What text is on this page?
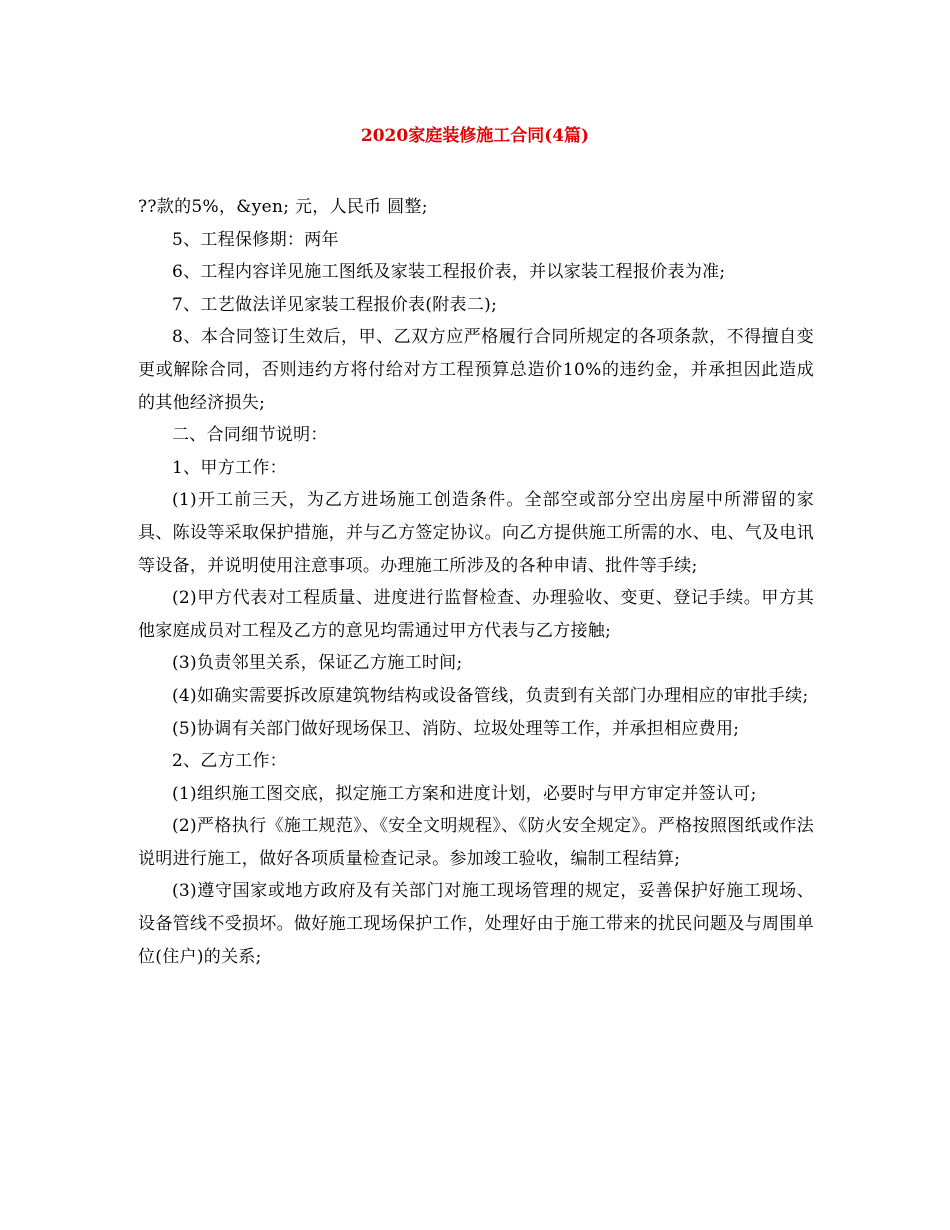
2020家庭装修施工合同(4篇)

??款的5%，&yen; 元，人民币 圆整;

5、工程保修期：两年

6、工程内容详见施工图纸及家装工程报价表，并以家装工程报价表为准;

7、工艺做法详见家装工程报价表(附表二);

8、本合同签订生效后，甲、乙双方应严格履行合同所规定的各项条款，不得擅自变更或解除合同，否则违约方将付给对方工程预算总造价10%的违约金，并承担因此造成的其他经济损失;

二、合同细节说明：

1、甲方工作：

(1)开工前三天，为乙方进场施工创造条件。全部空或部分空出房屋中所滞留的家具、陈设等采取保护措施，并与乙方签定协议。向乙方提供施工所需的水、电、气及电讯等设备，并说明使用注意事项。办理施工所涉及的各种申请、批件等手续;

(2)甲方代表对工程质量、进度进行监督检查、办理验收、变更、登记手续。甲方其他家庭成员对工程及乙方的意见均需通过甲方代表与乙方接触;

(3)负责邻里关系，保证乙方施工时间;

(4)如确实需要拆改原建筑物结构或设备管线，负责到有关部门办理相应的审批手续;

(5)协调有关部门做好现场保卫、消防、垃圾处理等工作，并承担相应费用;

2、乙方工作：

(1)组织施工图交底，拟定施工方案和进度计划，必要时与甲方审定并签认可;

(2)严格执行《施工规范》、《安全文明规程》、《防火安全规定》。严格按照图纸或作法说明进行施工，做好各项质量检查记录。参加竣工验收，编制工程结算;

(3)遵守国家或地方政府及有关部门对施工现场管理的规定，妥善保护好施工现场、设备管线不受损坏。做好施工现场保护工作，处理好由于施工带来的扰民问题及与周围单位(住户)的关系;
